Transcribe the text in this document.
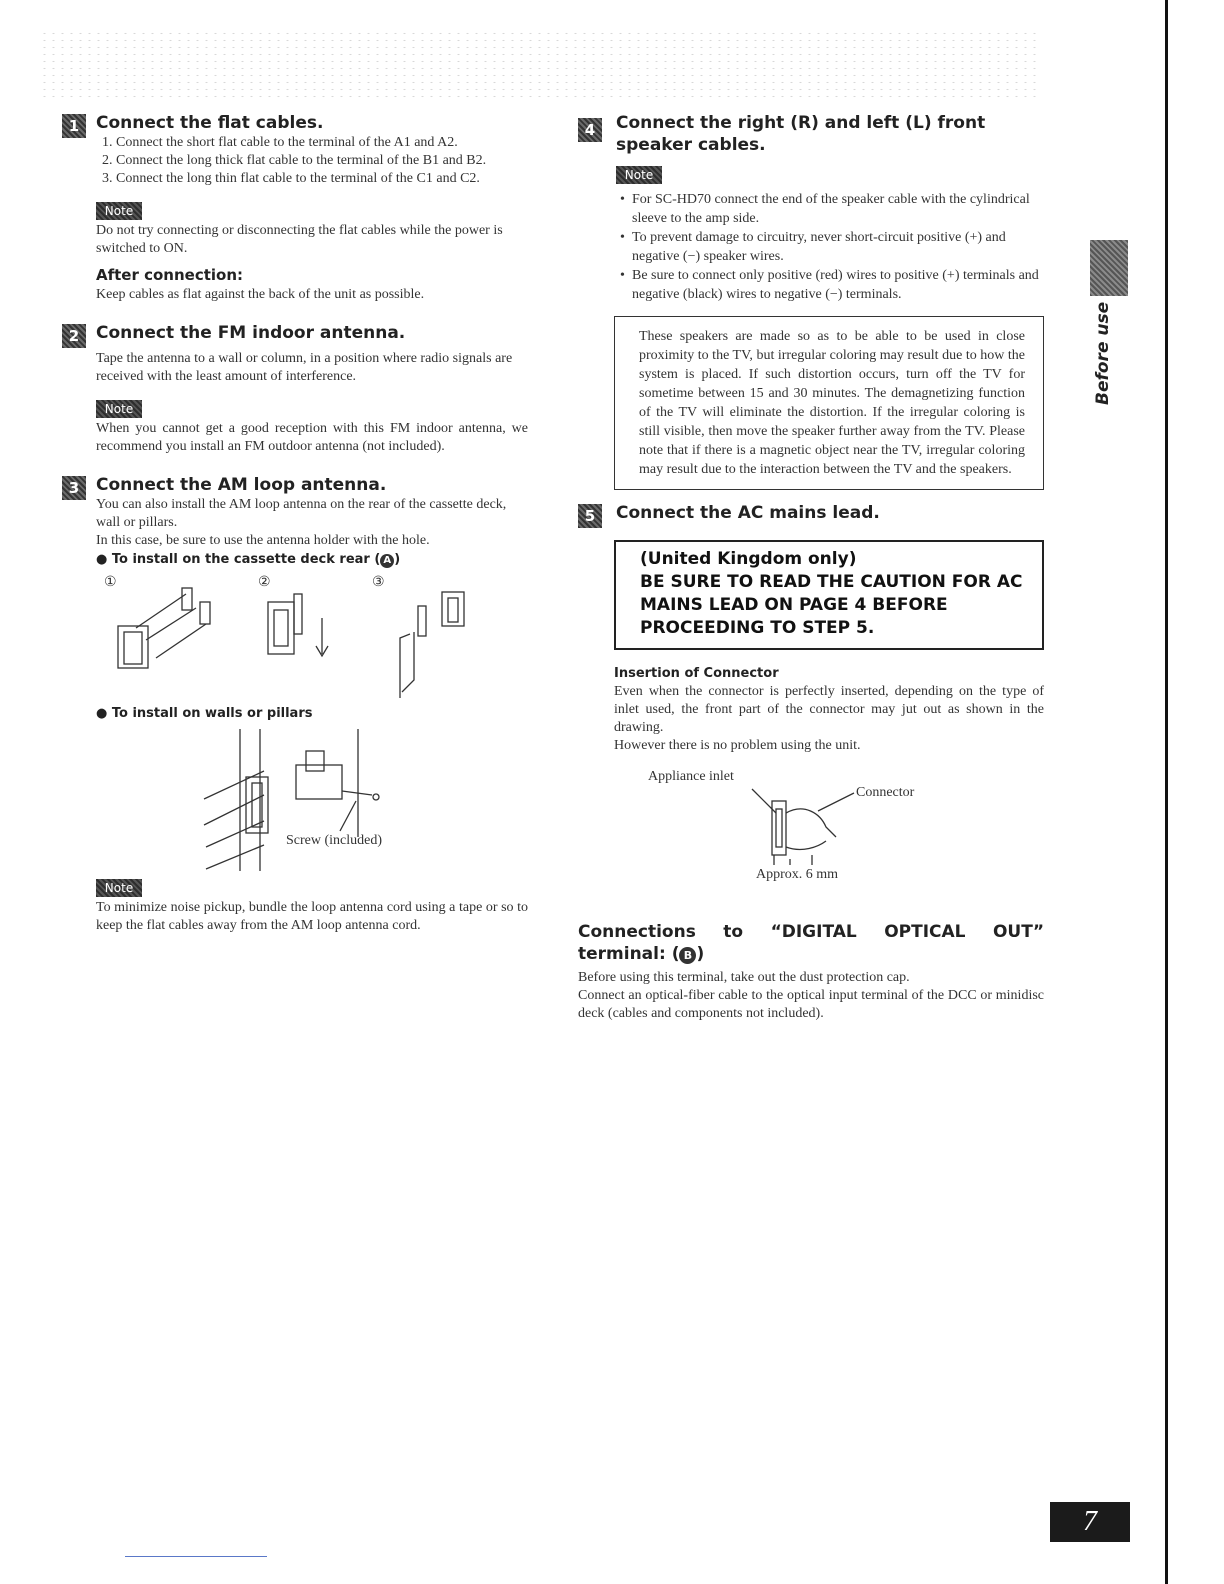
Before use
7
1 Connect the flat cables.
1. Connect the short flat cable to the terminal of the A1 and A2.
2. Connect the long thick flat cable to the terminal of the B1 and B2.
3. Connect the long thin flat cable to the terminal of the C1 and C2.
Note

Do not try connecting or disconnecting the flat cables while the power is switched to ON.

After connection:

Keep cables as flat against the back of the unit as possible.

2 Connect the FM indoor antenna.

Tape the antenna to a wall or column, in a position where radio signals are received with the least amount of interference.

Note

When you cannot get a good reception with this FM indoor antenna, we recommend you install an FM outdoor antenna (not included).

3 Connect the AM loop antenna.

You can also install the AM loop antenna on the rear of the cassette deck, wall or pillars.

In this case, be sure to use the antenna holder with the hole.

● To install on the cassette deck rear ( A )
①	②	③
● To install on walls or pillars
Screw (included)
Note

To minimize noise pickup, bundle the loop antenna cord using a tape or so to keep the flat cables away from the AM loop antenna cord.

4	Connect the right (R) and left (L) front speaker cables.
Note
• For SC-HD70 connect the end of the speaker cable with the cylindrical sleeve to the amp side.
• To prevent damage to circuitry, never short-circuit positive (+) and negative (−) speaker wires.
• Be sure to connect only positive (red) wires to positive (+) terminals and negative (black) wires to negative (−) terminals.
These speakers are made so as to be able to be used in close proximity to the TV, but irregular coloring may result due to how the system is placed. If such distortion occurs, turn off the TV for sometime between 15 and 30 minutes. The demagnetizing function of the TV will eliminate the distortion. If the irregular coloring is still visible, then move the speaker further away from the TV. Please note that if there is a magnetic object near the TV, irregular coloring may result due to the interaction between the TV and the speakers.
5	Connect the AC mains lead.
(United Kingdom only)
BE SURE TO READ THE CAUTION FOR AC MAINS LEAD ON PAGE 4 BEFORE PROCEEDING TO STEP 5.
Insertion of Connector

Even when the connector is perfectly inserted, depending on the type of inlet used, the front part of the connector may jut out as shown in the drawing.

However there is no problem using the unit.

Appliance inlet
Connector
Approx. 6 mm

Connections to “DIGITAL OPTICAL OUT” terminal: ( B )

Before using this terminal, take out the dust protection cap.

Connect an optical-fiber cable to the optical input terminal of the DCC or minidisc deck (cables and components not included).
